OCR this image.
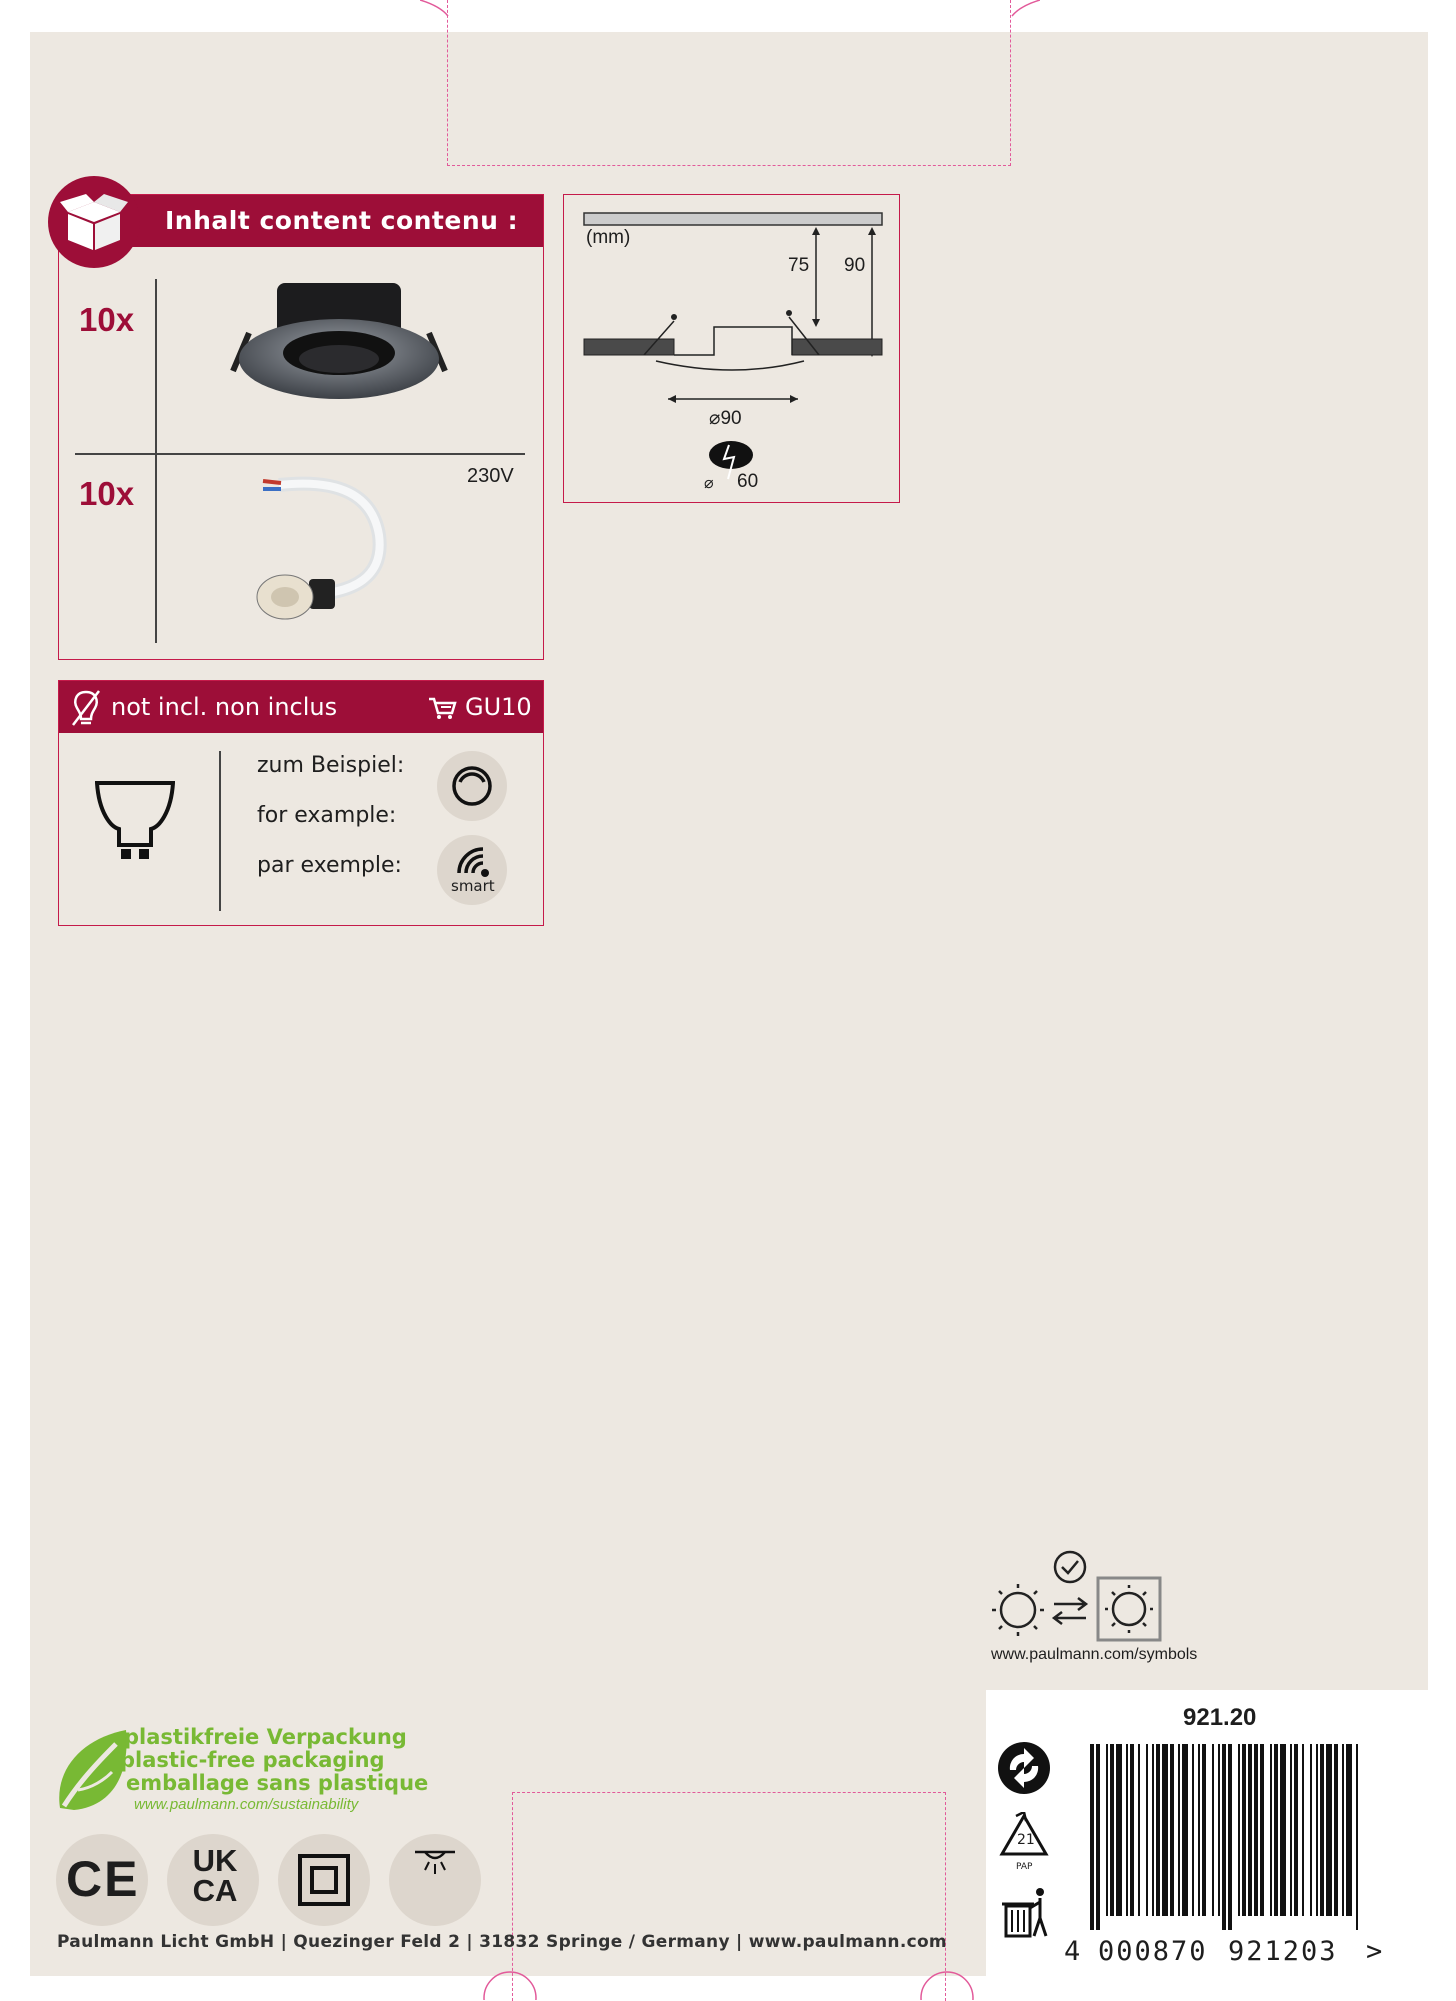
Inhalt content contenu :
10x
10x	230V
(mm)
75 90
⌀90
⌀ 60
not incl. non inclus	GU10
zum Beispiel:
for example:
par exemple:
smart
www.paulmann.com/symbols
plastikfreie Verpackung
plastic-free packaging
emballage sans plastique
www.paulmann.com/sustainability
CE UK CA
Paulmann Licht GmbH | Quezinger Feld 2 | 31832 Springe / Germany | www.paulmann.com
921.20
21
PAP
4 000870 921203 >
